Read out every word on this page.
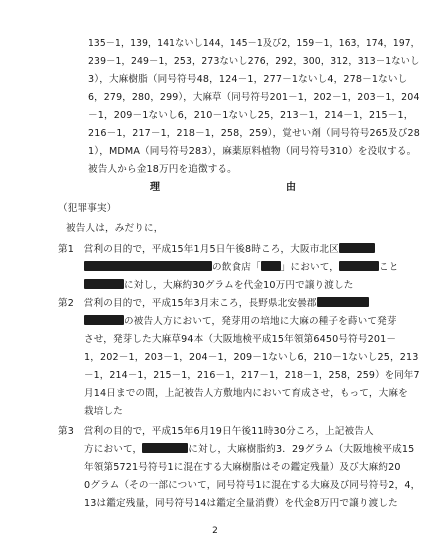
135－1，139，141ないし144，145－1及び2，159－1，163，174，197，
239－1，249－1，253，273ないし276，292，300，312，313－1ないし
3），大麻樹脂（同号符号48，124－1，277－1ないし4，278－1ないし
6，279，280，299），大麻草（同号符号201－1，202－1，203－1，204
－1，209－1ないし6，210－1ないし25，213－1，214－1，215－1，
216－1，217－1，218－1，258，259），覚せい剤（同号符号265及び28
1），MDMA（同号符号283），麻薬原料植物（同号符号310）を没収する。
被告人から金18万円を追徴する。
理	由
（犯罪事実）
被告人は，みだりに，
第1　営利の目的で，平成15年1月5日午後8時ころ，大阪市北区
の飲食店「 」において，	こと
に対し，大麻約30グラムを代金10万円で譲り渡した
第2　営利の目的で，平成15年3月末ころ，長野県北安曇郡
の被告人方において，発芽用の培地に大麻の種子を蒔いて発芽
させ，発芽した大麻草94本（大阪地検平成15年領第6450号符号201－
1，202－1，203－1，204－1，209－1ないし6，210－1ないし25，213
－1，214－1，215－1，216－1，217－1，218－1，258，259）を同年7
月14日までの間，上記被告人方敷地内において育成させ，もって，大麻を
栽培した
第3　営利の目的で，平成15年6月19日午後11時30分ころ，上記被告人
方において，	に対し，大麻樹脂約3．29グラム（大阪地検平成15
年領第5721号符号1に混在する大麻樹脂はその鑑定残量）及び大麻約20
0グラム（その一部について，同号符号1に混在する大麻及び同号符号2，4，
13は鑑定残量，同号符号14は鑑定全量消費）を代金8万円で譲り渡した
2
